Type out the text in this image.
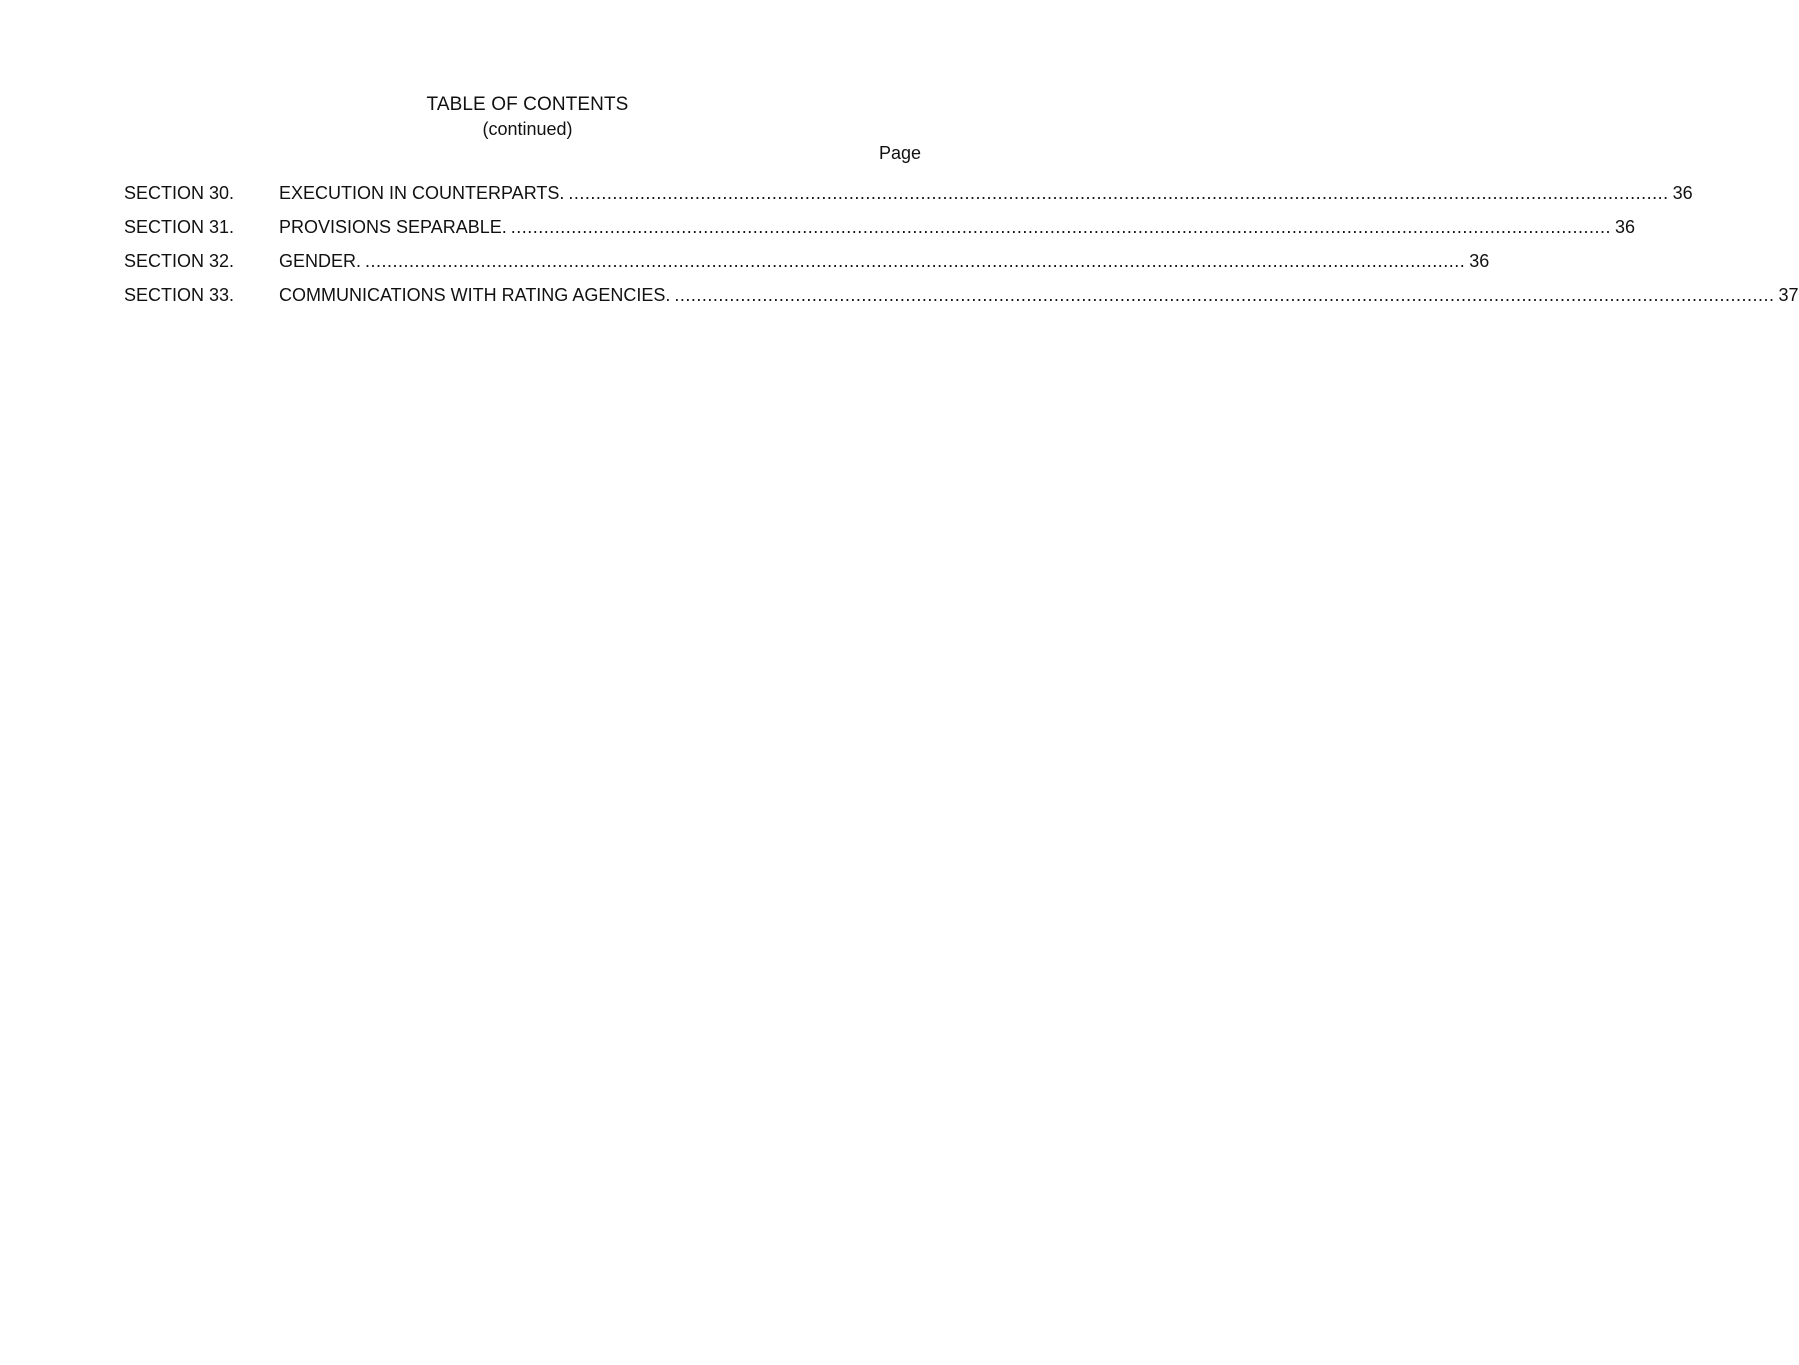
TABLE OF CONTENTS
(continued)
Page
SECTION 30.	EXECUTION IN COUNTERPARTS. ........................................................................................................................................................................................................ 36
SECTION 31.	PROVISIONS SEPARABLE. ........................................................................................................................................................................................................ 36
SECTION 32.	GENDER. ........................................................................................................................................................................................................ 36
SECTION 33.	COMMUNICATIONS WITH RATING AGENCIES. ........................................................................................................................................................................................................ 37
